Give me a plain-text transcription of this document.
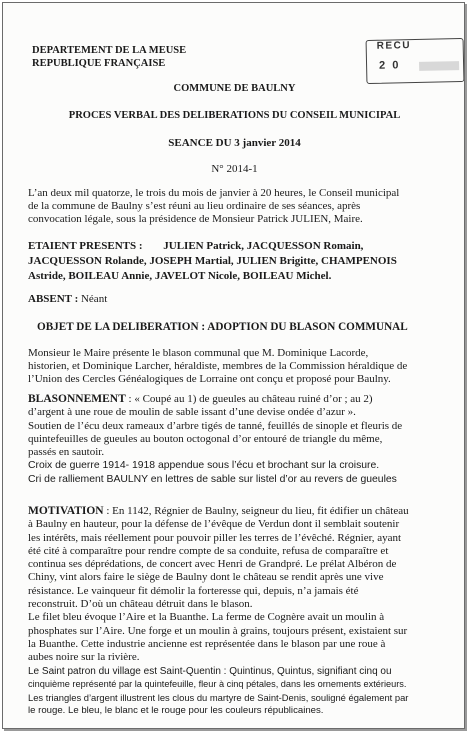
DEPARTEMENT DE LA MEUSE
REPUBLIQUE FRANÇAISE
RECU
2 0
COMMUNE DE BAULNY
PROCES VERBAL DES DELIBERATIONS DU CONSEIL MUNICIPAL
SEANCE DU 3 janvier 2014
N° 2014-1

L’an deux mil quatorze, le trois du mois de janvier à 20 heures, le Conseil municipal

de la commune de Baulny s’est réuni au lieu ordinaire de ses séances, après

convocation légale, sous la présidence de Monsieur Patrick JULIEN, Maire.

ETAIENT PRESENTS : JULIEN Patrick, JACQUESSON Romain,

JACQUESSON Rolande, JOSEPH Martial, JULIEN Brigitte, CHAMPENOIS

Astride, BOILEAU Annie, JAVELOT Nicole, BOILEAU Michel.

ABSENT : Néant
OBJET DE LA DELIBERATION : ADOPTION DU BLASON COMMUNAL

Monsieur le Maire présente le blason communal que M. Dominique Lacorde,

historien, et Dominique Larcher, héraldiste, membres de la Commission héraldique de

l’Union des Cercles Généalogiques de Lorraine ont conçu et proposé pour Baulny.

BLASONNEMENT : « Coupé au 1) de gueules au château ruiné d’or ; au 2)

d’argent à une roue de moulin de sable issant d’une devise ondée d’azur ».

Soutien de l’écu deux rameaux d’arbre tigés de tanné, feuillés de sinople et fleuris de

quintefeuilles de gueules au bouton octogonal d’or entouré de triangle du même,

passés en sautoir.

Croix de guerre 1914- 1918 appendue sous l’écu et brochant sur la croisure.

Cri de ralliement BAULNY en lettres de sable sur listel d’or au revers de gueules

MOTIVATION : En 1142, Régnier de Baulny, seigneur du lieu, fit édifier un château

à Baulny en hauteur, pour la défense de l’évêque de Verdun dont il semblait soutenir

les intérêts, mais réellement pour pouvoir piller les terres de l’évêché. Régnier, ayant

été cité à comparaître pour rendre compte de sa conduite, refusa de comparaître et

continua ses déprédations, de concert avec Henri de Grandpré. Le prélat Albéron de

Chiny, vint alors faire le siège de Baulny dont le château se rendit après une vive

résistance. Le vainqueur fit démolir la forteresse qui, depuis, n’a jamais été

reconstruit. D’où un château détruit dans le blason.

Le filet bleu évoque l’Aire et la Buanthe. La ferme de Cognère avait un moulin à

phosphates sur l’Aire. Une forge et un moulin à grains, toujours présent, existaient sur

la Buanthe. Cette industrie ancienne est représentée dans le blason par une roue à

aubes noire sur la rivière.

Le Saint patron du village est Saint-Quentin : Quintinus, Quintus, signifiant cinq ou

cinquième représenté par la quintefeuille, fleur à cinq pétales, dans les ornements extérieurs.

Les triangles d’argent illustrent les clous du martyre de Saint-Denis, souligné également par

le rouge. Le bleu, le blanc et le rouge pour les couleurs républicaines.
